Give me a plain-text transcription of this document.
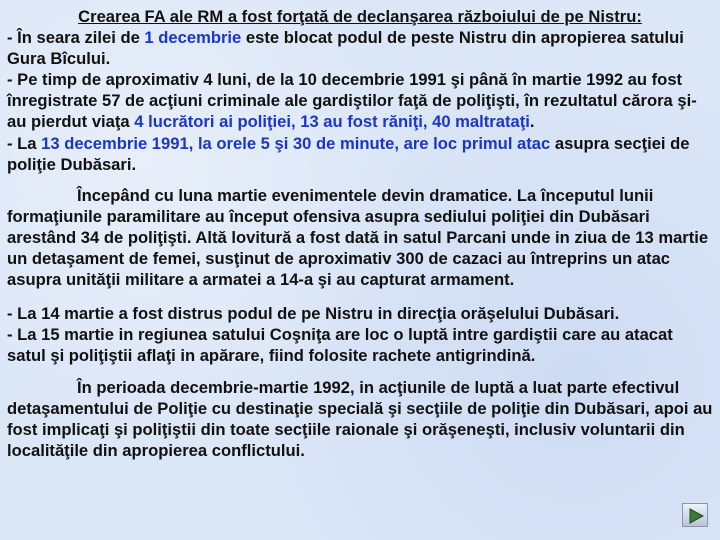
Crearea FA ale RM a fost forţată de declanşarea războiului de pe Nistru:

- În seara zilei de 1 decembrie este blocat podul de peste Nistru din apropierea satului Gura Bîcului.

- Pe timp de aproximativ 4 luni, de la 10 decembrie 1991 şi până în martie 1992 au fost înregistrate 57 de acţiuni criminale ale gardiştilor faţă de poliţişti, în rezultatul cărora şi-au pierdut viaţa 4 lucrători ai poliţiei, 13 au fost răniţi, 40 maltrataţi.

- La 13 decembrie 1991, la orele 5 şi 30 de minute, are loc primul atac asupra secţiei de poliţie Dubăsari.

Începând cu luna martie evenimentele devin dramatice. La începutul lunii formaţiunile paramilitare au început ofensiva asupra sediului poliţiei din Dubăsari arestând 34 de poliţişti. Altă lovitură a fost dată in satul Parcani unde in ziua de 13 martie un detaşament de femei, susţinut de aproximativ 300 de cazaci au întreprins un atac asupra unităţii militare a armatei a 14-a şi au capturat armament.

- La 14 martie a fost distrus podul de pe Nistru in direcţia orăşelului Dubăsari.

- La 15 martie in regiunea satului Coşniţa are loc o luptă intre gardiştii care au atacat satul şi poliţiştii aflaţi in apărare, fiind folosite rachete antigrindină.

În perioada decembrie-martie 1992, in acţiunile de luptă a luat parte efectivul detaşamentului de Poliţie cu destinaţie specială şi secţiile de poliţie din Dubăsari, apoi au fost implicaţi şi poliţiştii din toate secţiile raionale şi orăşeneşti, inclusiv voluntarii din localităţile din apropierea conflictului.
